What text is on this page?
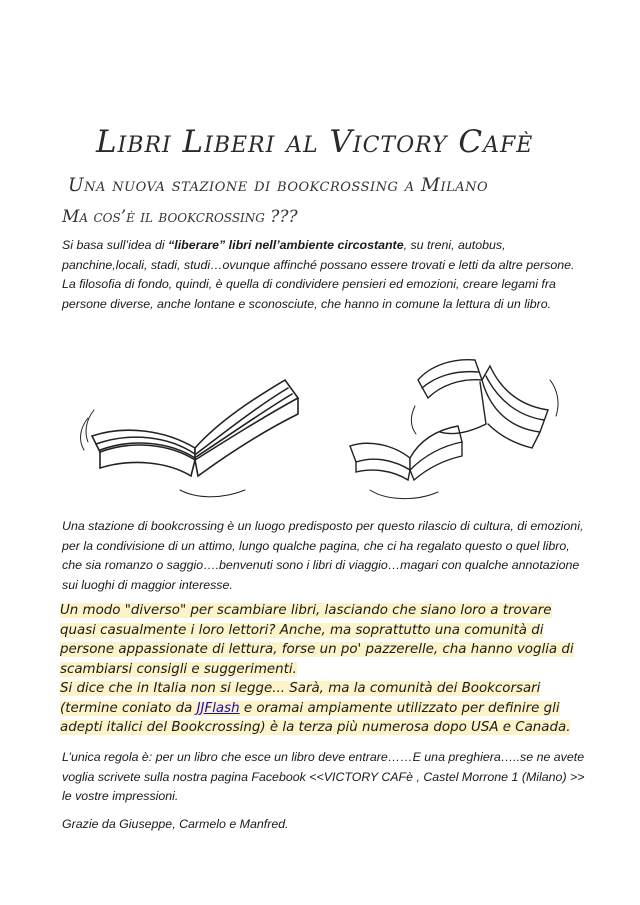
Libri Liberi al Victory Cafè
Una nuova stazione di bookcrossing a Milano
Ma cos’è il bookcrossing ???

Si basa sull’idea di “liberare” libri nell’ambiente circostante, su treni, autobus, panchine,locali, stadi, studi…ovunque affinché possano essere trovati e letti da altre persone. La filosofia di fondo, quindi, è quella di condividere pensieri ed emozioni, creare legami fra persone diverse, anche lontane e sconosciute, che hanno in comune la lettura di un libro.

Una stazione di bookcrossing è un luogo predisposto per questo rilascio di cultura, di emozioni, per la condivisione di un attimo, lungo qualche pagina, che ci ha regalato questo o quel libro, che sia romanzo o saggio….benvenuti sono i libri di viaggio…magari con qualche annotazione sui luoghi di maggior interesse.

Un modo "diverso" per scambiare libri, lasciando che siano loro a trovare quasi casualmente i loro lettori? Anche, ma soprattutto una comunità di persone appassionate di lettura, forse un po' pazzerelle, cha hanno voglia di scambiarsi consigli e suggerimenti.
Si dice che in Italia non si legge... Sarà, ma la comunità dei Bookcorsari (termine coniato da JJFlash e oramai ampiamente utilizzato per definire gli adepti italici del Bookcrossing) è la terza più numerosa dopo USA e Canada.

L’unica regola è: per un libro che esce un libro deve entrare……E una preghiera…..se ne avete voglia scrivete sulla nostra pagina Facebook <<VICTORY CAFè , Castel Morrone 1 (Milano) >> le vostre impressioni.

Grazie da Giuseppe, Carmelo e Manfred.
